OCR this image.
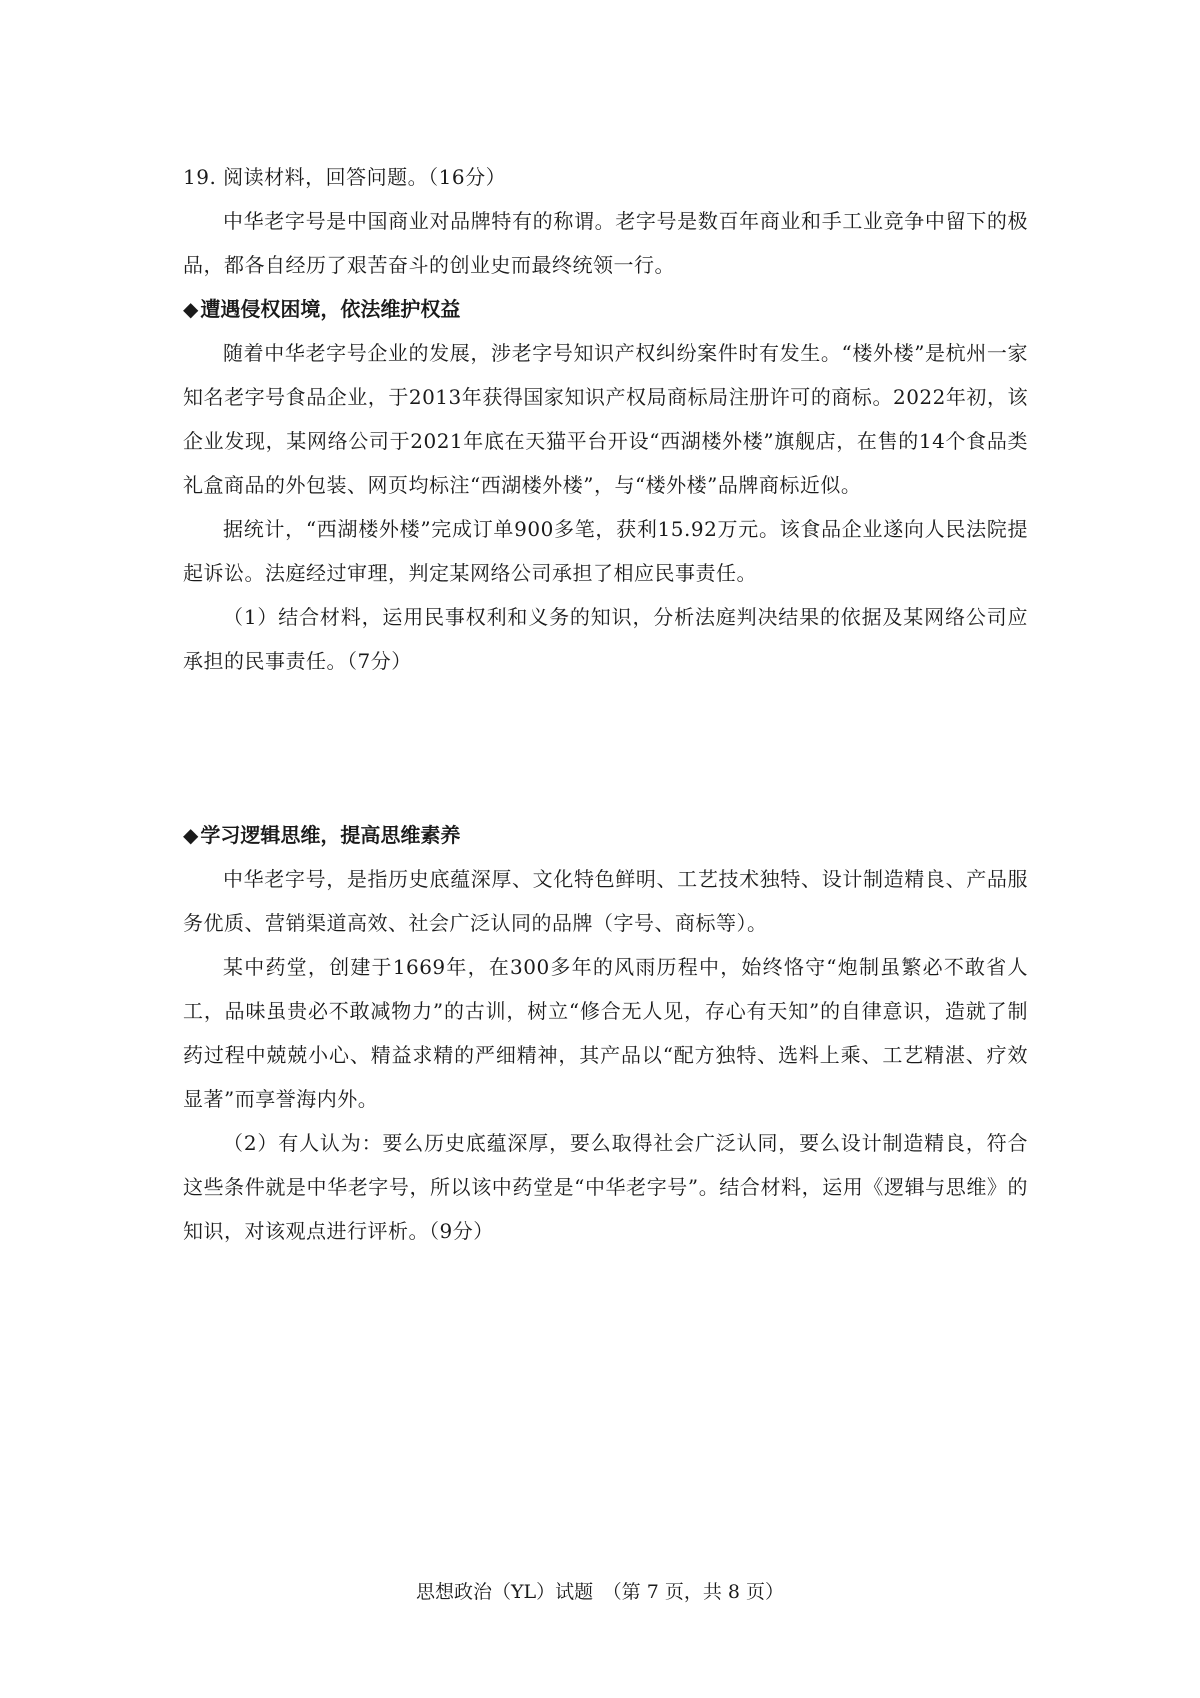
19. 阅读材料，回答问题。（16分）

中华老字号是中国商业对品牌特有的称谓。老字号是数百年商业和手工业竞争中留下的极品，都各自经历了艰苦奋斗的创业史而最终统领一行。

◆ 遭遇侵权困境，依法维护权益

随着中华老字号企业的发展，涉老字号知识产权纠纷案件时有发生。“楼外楼”是杭州一家知名老字号食品企业，于2013年获得国家知识产权局商标局注册许可的商标。2022年初，该企业发现，某网络公司于2021年底在天猫平台开设“西湖楼外楼”旗舰店，在售的14个食品类礼盒商品的外包装、网页均标注“西湖楼外楼”，与“楼外楼”品牌商标近似。

据统计，“西湖楼外楼”完成订单900多笔，获利15.92万元。该食品企业遂向人民法院提起诉讼。法庭经过审理，判定某网络公司承担了相应民事责任。

（1）结合材料，运用民事权利和义务的知识，分析法庭判决结果的依据及某网络公司应承担的民事责任。（7分）

◆ 学习逻辑思维，提高思维素养

中华老字号，是指历史底蕴深厚、文化特色鲜明、工艺技术独特、设计制造精良、产品服务优质、营销渠道高效、社会广泛认同的品牌（字号、商标等）。

某中药堂，创建于1669年，在300多年的风雨历程中，始终恪守“炮制虽繁必不敢省人工，品味虽贵必不敢减物力”的古训，树立“修合无人见，存心有天知”的自律意识，造就了制药过程中兢兢小心、精益求精的严细精神，其产品以“配方独特、选料上乘、工艺精湛、疗效显著”而享誉海内外。

（2）有人认为：要么历史底蕴深厚，要么取得社会广泛认同，要么设计制造精良，符合这些条件就是中华老字号，所以该中药堂是“中华老字号”。结合材料，运用《逻辑与思维》的知识，对该观点进行评析。（9分）

思想政治（YL）试题　（第 7 页，共 8 页）
